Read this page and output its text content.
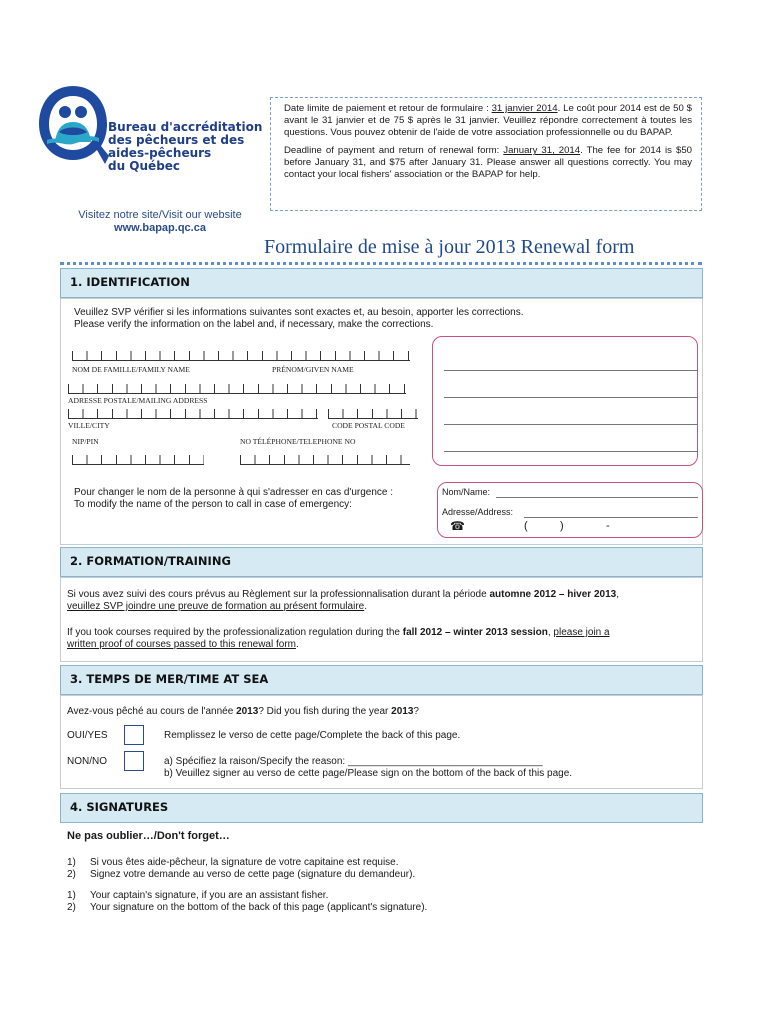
Bureau d'accréditation
des pêcheurs et des
aides-pêcheurs
du Québec
Visitez notre site/Visit our website
www.bapap.qc.ca

Date limite de paiement et retour de formulaire : 31 janvier 2014. Le coût pour 2014 est de 50 $ avant le 31 janvier et de 75 $ après le 31 janvier. Veuillez répondre correctement à toutes les questions. Vous pouvez obtenir de l'aide de votre association professionnelle ou du BAPAP.

Deadline of payment and return of renewal form: January 31, 2014. The fee for 2014 is $50 before January 31, and $75 after January 31. Please answer all questions correctly. You may contact your local fishers' association or the BAPAP for help.

Formulaire de mise à jour 2013 Renewal form
1. IDENTIFICATION
Veuillez SVP vérifier si les informations suivantes sont exactes et, au besoin, apporter les corrections.
Please verify the information on the label and, if necessary, make the corrections.
NOM DE FAMILLE/FAMILY NAME	PRÉNOM/GIVEN NAME
ADRESSE POSTALE/MAILING ADDRESS
VILLE/CITY	CODE POSTAL CODE
NIP/PIN	NO TÉLÉPHONE/TELEPHONE NO
Pour changer le nom de la personne à qui s'adresser en cas d'urgence :
To modify the name of the person to call in case of emergency:
Nom/Name:
Adresse/Address:
☎	(	)	-
2. FORMATION/TRAINING
Si vous avez suivi des cours prévus au Règlement sur la professionnalisation durant la période automne 2012 – hiver 2013,
veuillez SVP joindre une preuve de formation au présent formulaire.
If you took courses required by the professionalization regulation during the fall 2012 – winter 2013 session, please join a
written proof of courses passed to this renewal form.
3. TEMPS DE MER/TIME AT SEA
Avez-vous pêché au cours de l'année 2013? Did you fish during the year 2013?
OUI/YES	Remplissez le verso de cette page/Complete the back of this page.
NON/NO	a) Spécifiez la raison/Specify the reason: ___________________________________
b) Veuillez signer au verso de cette page/Please sign on the bottom of the back of this page.
4. SIGNATURES
Ne pas oublier…/Don't forget…
1) Si vous êtes aide-pêcheur, la signature de votre capitaine est requise.
2) Signez votre demande au verso de cette page (signature du demandeur).
1) Your captain's signature, if you are an assistant fisher.
2) Your signature on the bottom of the back of this page (applicant's signature).
